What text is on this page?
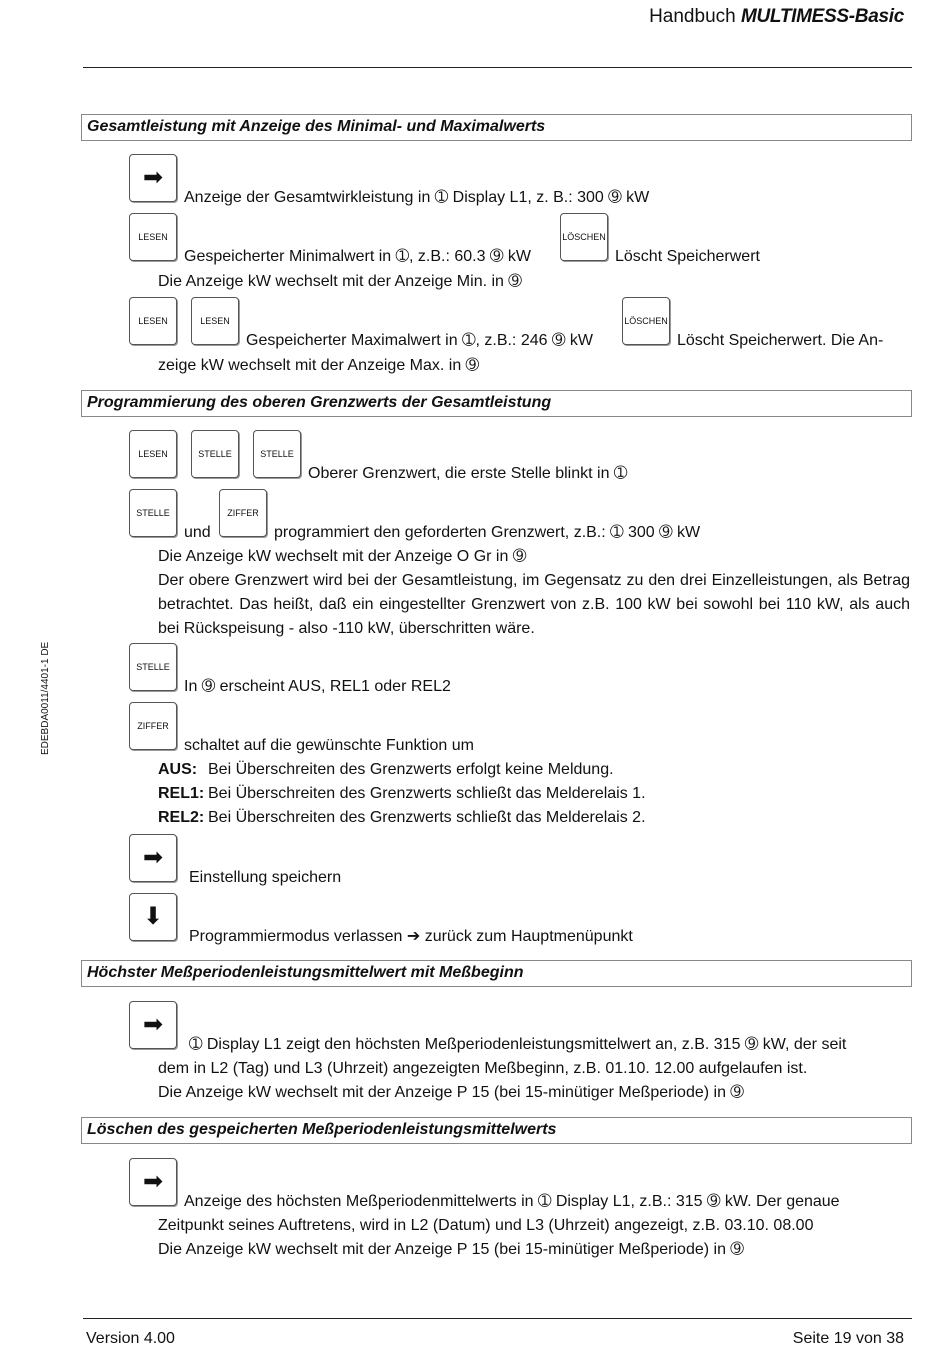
Handbuch MULTIMESS-Basic
EDEBDA0011/4401-1 DE
Gesamtleistung mit Anzeige des Minimal- und Maximalwerts
➡
Anzeige der Gesamtwirkleistung in ➀ Display L1, z. B.: 300 ➈ kW
LESEN
Gespeicherter Minimalwert in ➀, z.B.: 60.3 ➈ kW
LÖSCHEN
Löscht Speicherwert
Die Anzeige kW wechselt mit der Anzeige Min. in ➈
LESEN	LESEN
Gespeicherter Maximalwert in ➀, z.B.: 246 ➈ kW
LÖSCHEN
Löscht Speicherwert. Die An-
zeige kW wechselt mit der Anzeige Max. in ➈
Programmierung des oberen Grenzwerts der Gesamtleistung
LESEN	STELLE	STELLE
Oberer Grenzwert, die erste Stelle blinkt in ➀
STELLE
und
ZIFFER
programmiert den geforderten Grenzwert, z.B.: ➀ 300 ➈ kW
Die Anzeige kW wechselt mit der Anzeige O Gr in ➈
Der obere Grenzwert wird bei der Gesamtleistung, im Gegensatz zu den drei Einzelleistungen, als Betrag betrachtet. Das heißt, daß ein eingestellter Grenzwert von z.B. 100 kW bei sowohl bei 110 kW, als auch bei Rückspeisung - also -110 kW, überschritten wäre.
STELLE
In ➈ erscheint AUS, REL1 oder REL2
ZIFFER
schaltet auf die gewünschte Funktion um
AUS: Bei Überschreiten des Grenzwerts erfolgt keine Meldung.
REL1: Bei Überschreiten des Grenzwerts schließt das Melderelais 1.
REL2: Bei Überschreiten des Grenzwerts schließt das Melderelais 2.
➡
Einstellung speichern
⬇
Programmiermodus verlassen ➔ zurück zum Hauptmenüpunkt
Höchster Meßperiodenleistungsmittelwert mit Meßbeginn
➡
➀ Display L1 zeigt den höchsten Meßperiodenleistungsmittelwert an, z.B. 315 ➈ kW, der seit
dem in L2 (Tag) und L3 (Uhrzeit) angezeigten Meßbeginn, z.B. 01.10. 12.00 aufgelaufen ist.
Die Anzeige kW wechselt mit der Anzeige P 15 (bei 15-minütiger Meßperiode) in ➈
Löschen des gespeicherten Meßperiodenleistungsmittelwerts
➡
Anzeige des höchsten Meßperiodenmittelwerts in ➀ Display L1, z.B.: 315 ➈ kW. Der genaue
Zeitpunkt seines Auftretens, wird in L2 (Datum) und L3 (Uhrzeit) angezeigt, z.B. 03.10. 08.00
Die Anzeige kW wechselt mit der Anzeige P 15 (bei 15-minütiger Meßperiode) in ➈
Version 4.00	Seite 19 von 38
